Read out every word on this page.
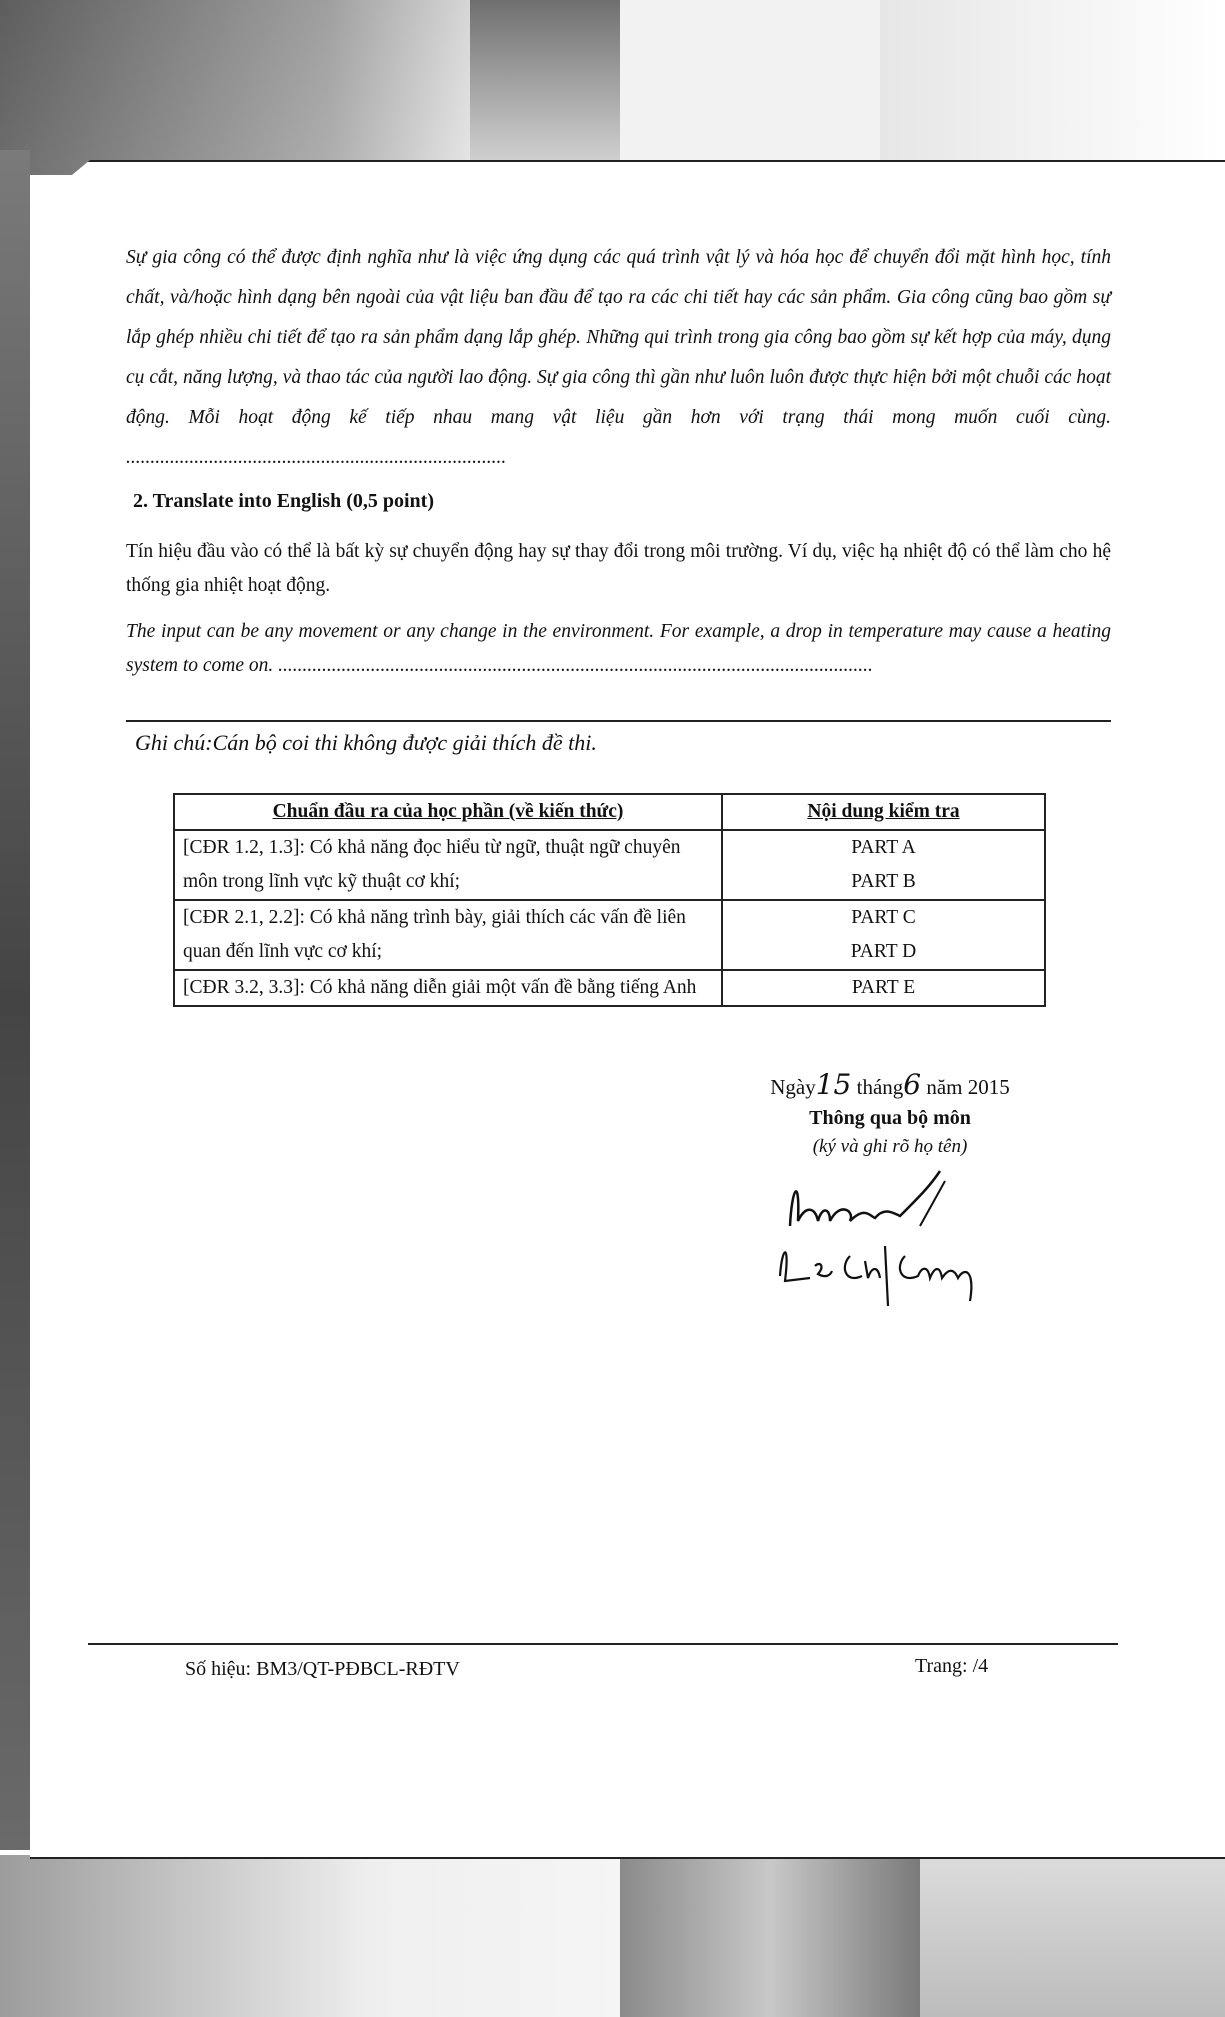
Sự gia công có thể được định nghĩa như là việc ứng dụng các quá trình vật lý và hóa học để chuyển đổi mặt hình học, tính chất, và/hoặc hình dạng bên ngoài của vật liệu ban đầu để tạo ra các chi tiết hay các sản phẩm. Gia công cũng bao gồm sự lắp ghép nhiều chi tiết để tạo ra sản phẩm dạng lắp ghép. Những qui trình trong gia công bao gồm sự kết hợp của máy, dụng cụ cắt, năng lượng, và thao tác của người lao động. Sự gia công thì gần như luôn luôn được thực hiện bởi một chuỗi các hoạt động. Mỗi hoạt động kế tiếp nhau mang vật liệu gần hơn với trạng thái mong muốn cuối cùng. ..............................................................................
2. Translate into English (0,5 point)
Tín hiệu đầu vào có thể là bất kỳ sự chuyển động hay sự thay đổi trong môi trường. Ví dụ, việc hạ nhiệt độ có thể làm cho hệ thống gia nhiệt hoạt động.
The input can be any movement or any change in the environment. For example, a drop in temperature may cause a heating system to come on. ..........................................................................................................................
Ghi chú:Cán bộ coi thi không được giải thích đề thi.
Chuẩn đầu ra của học phần (về kiến thức)	Nội dung kiểm tra
[CĐR 1.2, 1.3]: Có khả năng đọc hiểu từ ngữ, thuật ngữ chuyên môn trong lĩnh vực kỹ thuật cơ khí;	PART A
PART B

[CĐR 2.1, 2.2]: Có khả năng trình bày, giải thích các vấn đề liên quan đến lĩnh vực cơ khí;	PART C
PART D

[CĐR 3.2, 3.3]: Có khả năng diễn giải một vấn đề bằng tiếng Anh	PART E
Ngày15 tháng6 năm 2015
Thông qua bộ môn
(ký và ghi rõ họ tên)
Số hiệu: BM3/QT-PĐBCL-RĐTV	Trang: /4
